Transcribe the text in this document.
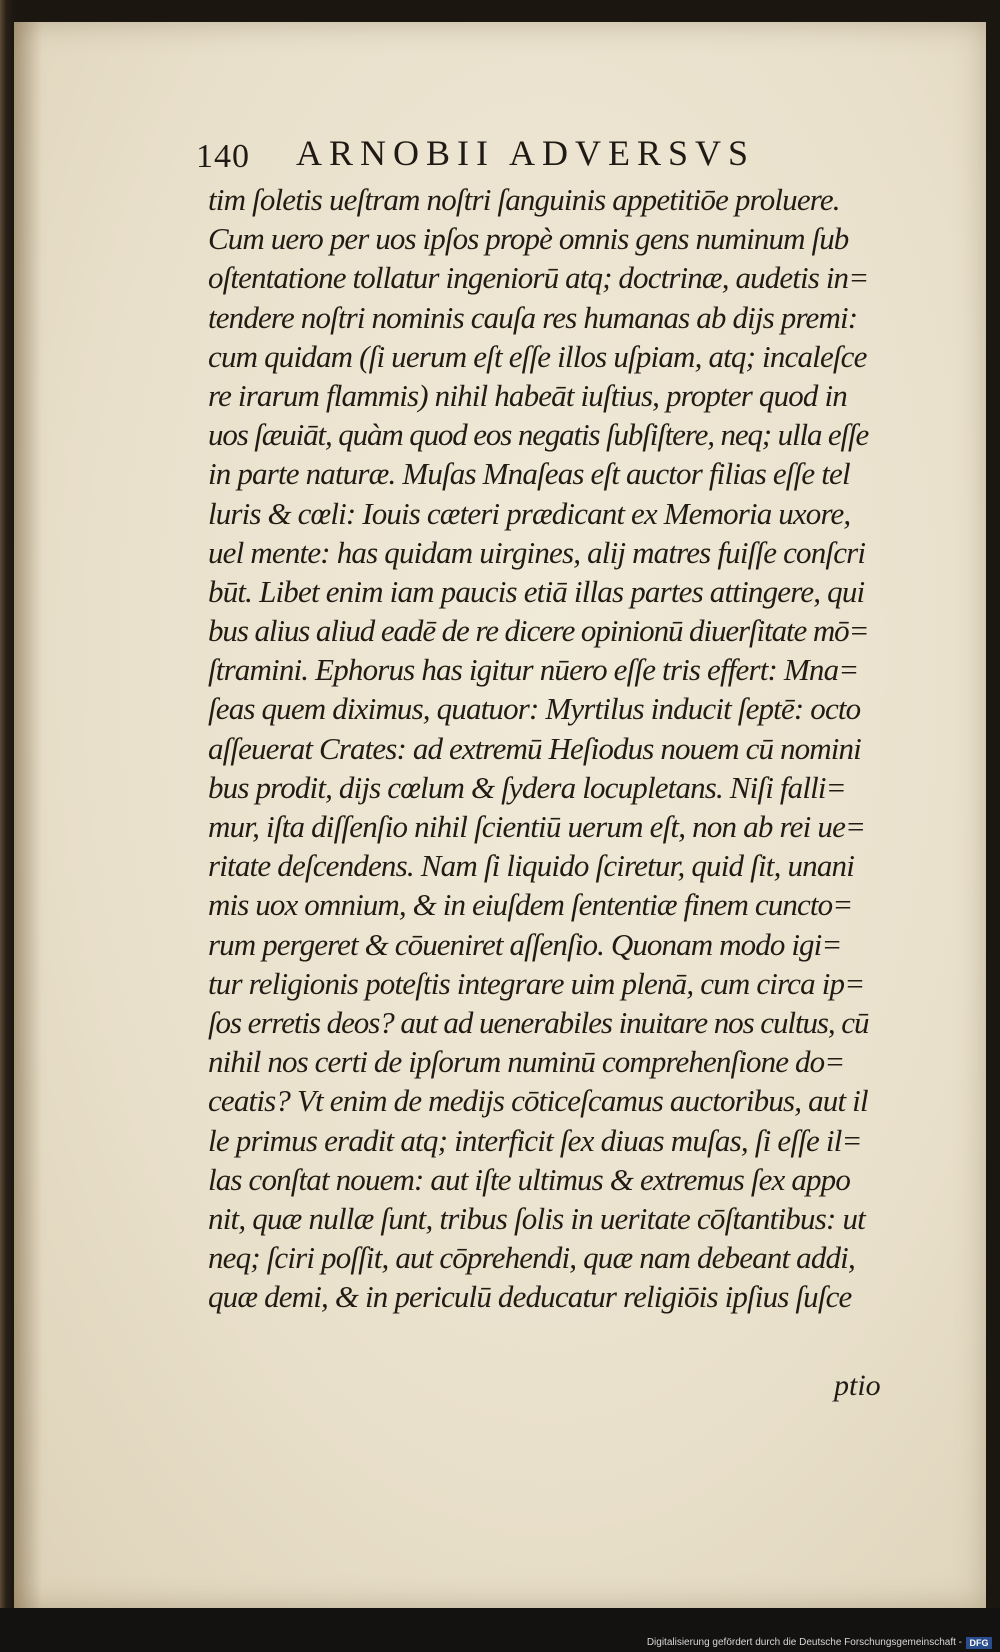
140 ARNOBII ADVERSVS
tim ſoletis ueſtram noſtri ſanguinis appetitiōe proluere.
Cum uero per uos ipſos propè omnis gens numinum ſub
oſtentatione tollatur ingeniorū atq; doctrinæ, audetis in=
tendere noſtri nominis cauſa res humanas ab dijs premi:
cum quidam (ſi uerum eſt eſſe illos uſpiam, atq; incaleſce
re irarum flammis) nihil habeāt iuſtius, propter quod in
uos ſæuiāt, quàm quod eos negatis ſubſiſtere, neq; ulla eſſe
in parte naturæ. Muſas Mnaſeas eſt auctor filias eſſe tel
luris & cœli: Iouis cæteri prædicant ex Memoria uxore,
uel mente: has quidam uirgines, alij matres fuiſſe conſcri
būt. Libet enim iam paucis etiā illas partes attingere, qui
bus alius aliud eadē de re dicere opinionū diuerſitate mō=
ſtramini. Ephorus has igitur nūero eſſe tris effert: Mna=
ſeas quem diximus, quatuor: Myrtilus inducit ſeptē: octo
aſſeuerat Crates: ad extremū Heſiodus nouem cū nomini
bus prodit, dijs cœlum & ſydera locupletans. Niſi falli=
mur, iſta diſſenſio nihil ſcientiū uerum eſt, non ab rei ue=
ritate deſcendens. Nam ſi liquido ſciretur, quid ſit, unani
mis uox omnium, & in eiuſdem ſententiæ finem cuncto=
rum pergeret & cōueniret aſſenſio. Quonam modo igi=
tur religionis poteſtis integrare uim plenā, cum circa ip=
ſos erretis deos? aut ad uenerabiles inuitare nos cultus, cū
nihil nos certi de ipſorum numinū comprehenſione do=
ceatis? Vt enim de medijs cōticeſcamus auctoribus, aut il
le primus eradit atq; interficit ſex diuas muſas, ſi eſſe il=
las conſtat nouem: aut iſte ultimus & extremus ſex appo
nit, quæ nullæ ſunt, tribus ſolis in ueritate cōſtantibus: ut
neq; ſciri poſſit, aut cōprehendi, quæ nam debeant addi,
quæ demi, & in periculū deducatur religiōis ipſius ſuſce
ptio
Digitalisierung gefördert durch die Deutsche Forschungsgemeinschaft - DFG
